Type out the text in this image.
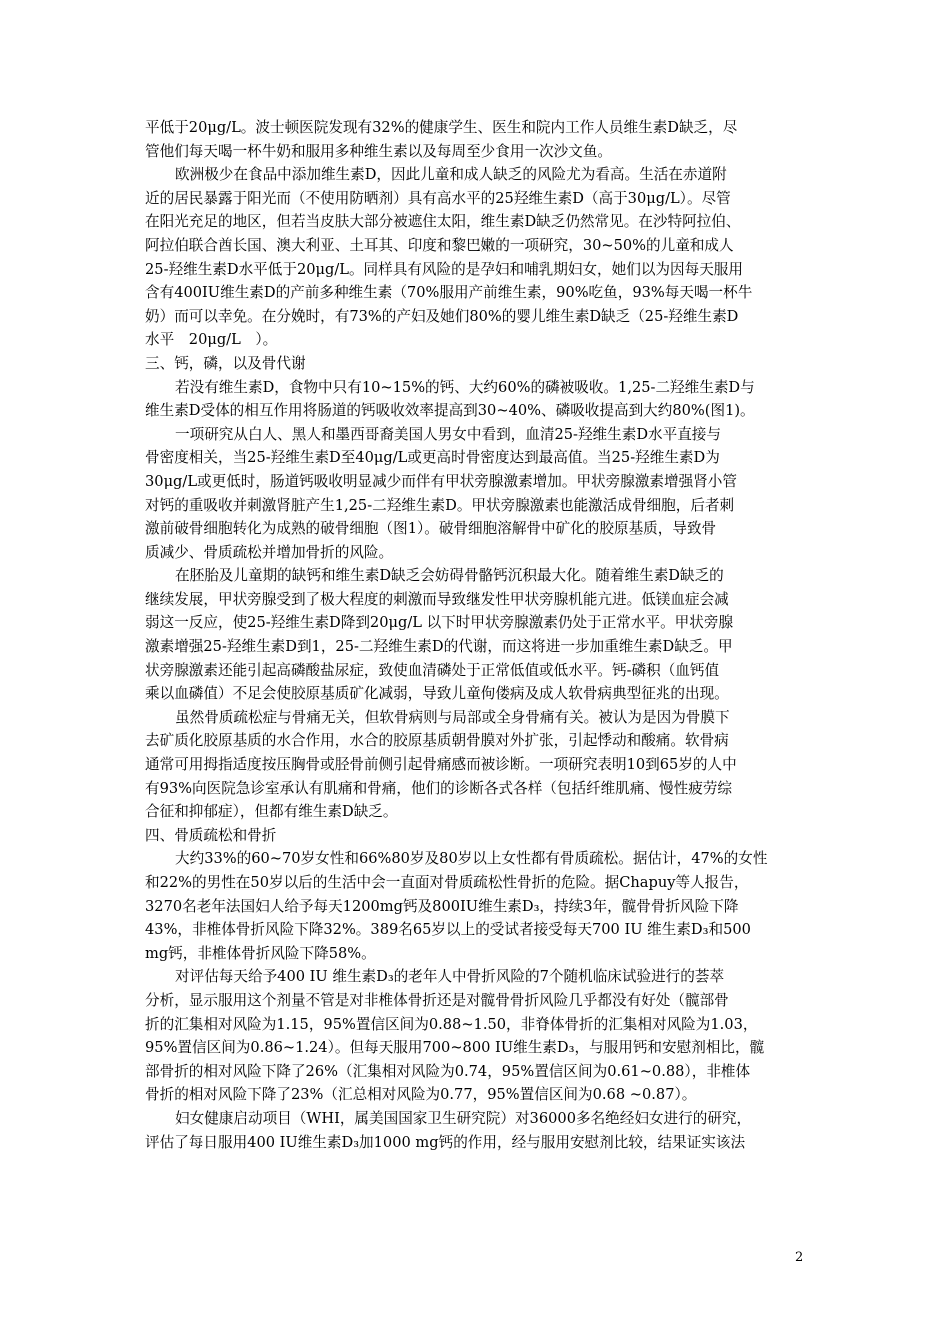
平低于20μg/L。波士顿医院发现有32%的健康学生、医生和院内工作人员维生素D缺乏，尽
管他们每天喝一杯牛奶和服用多种维生素以及每周至少食用一次沙文鱼。
欧洲极少在食品中添加维生素D，因此儿童和成人缺乏的风险尤为看高。生活在赤道附
近的居民暴露于阳光而（不使用防晒剂）具有高水平的25羟维生素D（高于30μg/L）。尽管
在阳光充足的地区，但若当皮肤大部分被遮住太阳，维生素D缺乏仍然常见。在沙特阿拉伯、
阿拉伯联合酋长国、澳大利亚、土耳其、印度和黎巴嫩的一项研究，30~50%的儿童和成人
25-羟维生素D水平低于20μg/L。同样具有风险的是孕妇和哺乳期妇女，她们以为因每天服用
含有400IU维生素D的产前多种维生素（70%服用产前维生素，90%吃鱼，93%每天喝一杯牛
奶）而可以幸免。在分娩时，有73%的产妇及她们80%的婴儿维生素D缺乏（25-羟维生素D
水平　20μg/L　）。
三、钙，磷，以及骨代谢
若没有维生素D，食物中只有10~15%的钙、大约60%的磷被吸收。1,25-二羟维生素D与
维生素D受体的相互作用将肠道的钙吸收效率提高到30~40%、磷吸收提高到大约80%(图1)。
一项研究从白人、黑人和墨西哥裔美国人男女中看到，血清25-羟维生素D水平直接与
骨密度相关，当25-羟维生素D至40μg/L或更高时骨密度达到最高值。当25-羟维生素D为
30μg/L或更低时，肠道钙吸收明显减少而伴有甲状旁腺激素增加。甲状旁腺激素增强肾小管
对钙的重吸收并刺激肾脏产生1,25-二羟维生素D。甲状旁腺激素也能激活成骨细胞，后者刺
激前破骨细胞转化为成熟的破骨细胞（图1）。破骨细胞溶解骨中矿化的胶原基质，导致骨
质减少、骨质疏松并增加骨折的风险。
在胚胎及儿童期的缺钙和维生素D缺乏会妨碍骨骼钙沉积最大化。随着维生素D缺乏的
继续发展，甲状旁腺受到了极大程度的刺激而导致继发性甲状旁腺机能亢进。低镁血症会减
弱这一反应，使25-羟维生素D降到20μg/L 以下时甲状旁腺激素仍处于正常水平。甲状旁腺
激素增强25-羟维生素D到1，25-二羟维生素D的代谢，而这将进一步加重维生素D缺乏。甲
状旁腺激素还能引起高磷酸盐尿症，致使血清磷处于正常低值或低水平。钙-磷积（血钙值
乘以血磷值）不足会使胶原基质矿化减弱，导致儿童佝偻病及成人软骨病典型征兆的出现。
虽然骨质疏松症与骨痛无关，但软骨病则与局部或全身骨痛有关。被认为是因为骨膜下
去矿质化胶原基质的水合作用，水合的胶原基质朝骨膜对外扩张，引起悸动和酸痛。软骨病
通常可用拇指适度按压胸骨或胫骨前侧引起骨痛感而被诊断。一项研究表明10到65岁的人中
有93%向医院急诊室承认有肌痛和骨痛，他们的诊断各式各样（包括纤维肌痛、慢性疲劳综
合征和抑郁症），但都有维生素D缺乏。
四、骨质疏松和骨折
大约33%的60~70岁女性和66%80岁及80岁以上女性都有骨质疏松。据估计，47%的女性
和22%的男性在50岁以后的生活中会一直面对骨质疏松性骨折的危险。据Chapuy等人报告，
3270名老年法国妇人给予每天1200mg钙及800IU维生素D₃，持续3年，髋骨骨折风险下降
43%，非椎体骨折风险下降32%。389名65岁以上的受试者接受每天700 IU 维生素D₃和500
mg钙，非椎体骨折风险下降58%。
对评估每天给予400 IU 维生素D₃的老年人中骨折风险的7个随机临床试验进行的荟萃
分析，显示服用这个剂量不管是对非椎体骨折还是对髋骨骨折风险几乎都没有好处（髋部骨
折的汇集相对风险为1.15，95%置信区间为0.88~1.50，非脊体骨折的汇集相对风险为1.03，
95%置信区间为0.86~1.24）。但每天服用700~800 IU维生素D₃，与服用钙和安慰剂相比，髋
部骨折的相对风险下降了26%（汇集相对风险为0.74，95%置信区间为0.61~0.88），非椎体
骨折的相对风险下降了23%（汇总相对风险为0.77，95%置信区间为0.68 ~0.87）。
妇女健康启动项目（WHI，属美国国家卫生研究院）对36000多名绝经妇女进行的研究，
评估了每日服用400 IU维生素D₃加1000 mg钙的作用，经与服用安慰剂比较，结果证实该法
2
